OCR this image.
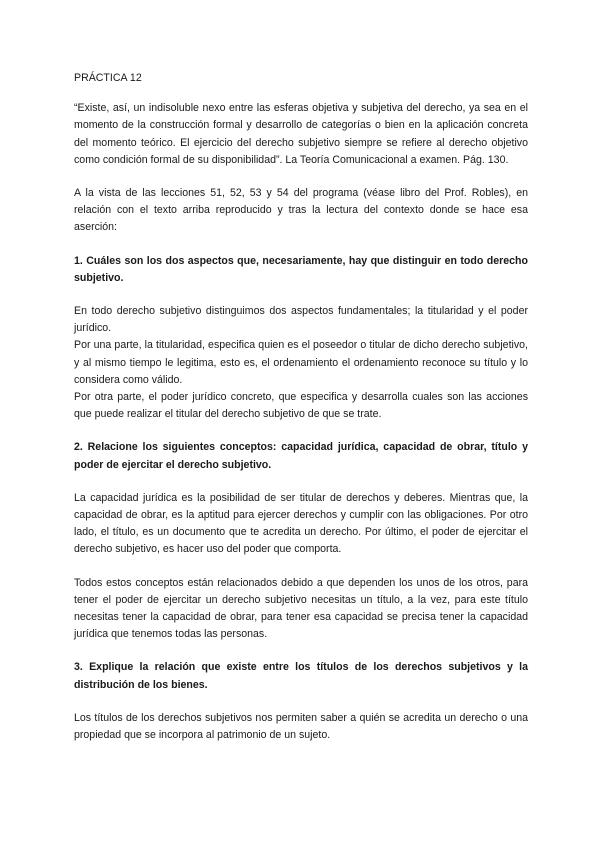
PRÁCTICA 12

“Existe, así, un indisoluble nexo entre las esferas objetiva y subjetiva del derecho, ya sea en el momento de la construcción formal y desarrollo de categorías o bien en la aplicación concreta del momento teórico. El ejercicio del derecho subjetivo siempre se refiere al derecho objetivo como condición formal de su disponibilidad”. La Teoría Comunicacional a examen. Pág. 130.

A la vista de las lecciones 51, 52, 53 y 54 del programa (véase libro del Prof. Robles), en relación con el texto arriba reproducido y tras la lectura del contexto donde se hace esa aserción:

1. Cuáles son los dos aspectos que, necesariamente, hay que distinguir en todo derecho subjetivo.

En todo derecho subjetivo distinguimos dos aspectos fundamentales; la titularidad y el poder jurídico.

Por una parte, la titularidad, especifica quien es el poseedor o titular de dicho derecho subjetivo, y al mismo tiempo le legitima, esto es, el ordenamiento el ordenamiento reconoce su título y lo considera como válido.

Por otra parte, el poder jurídico concreto, que especifica y desarrolla cuales son las acciones que puede realizar el titular del derecho subjetivo de que se trate.

2. Relacione los siguientes conceptos: capacidad jurídica, capacidad de obrar, título y poder de ejercitar el derecho subjetivo.

La capacidad jurídica es la posibilidad de ser titular de derechos y deberes. Mientras que, la capacidad de obrar, es la aptitud para ejercer derechos y cumplir con las obligaciones. Por otro lado, el título, es un documento que te acredita un derecho. Por último, el poder de ejercitar el derecho subjetivo, es hacer uso del poder que comporta.

Todos estos conceptos están relacionados debido a que dependen los unos de los otros, para tener el poder de ejercitar un derecho subjetivo necesitas un título, a la vez, para este título necesitas tener la capacidad de obrar, para tener esa capacidad se precisa tener la capacidad jurídica que tenemos todas las personas.

3. Explique la relación que existe entre los títulos de los derechos subjetivos y la distribución de los bienes.

Los títulos de los derechos subjetivos nos permiten saber a quién se acredita un derecho o una propiedad que se incorpora al patrimonio de un sujeto.
